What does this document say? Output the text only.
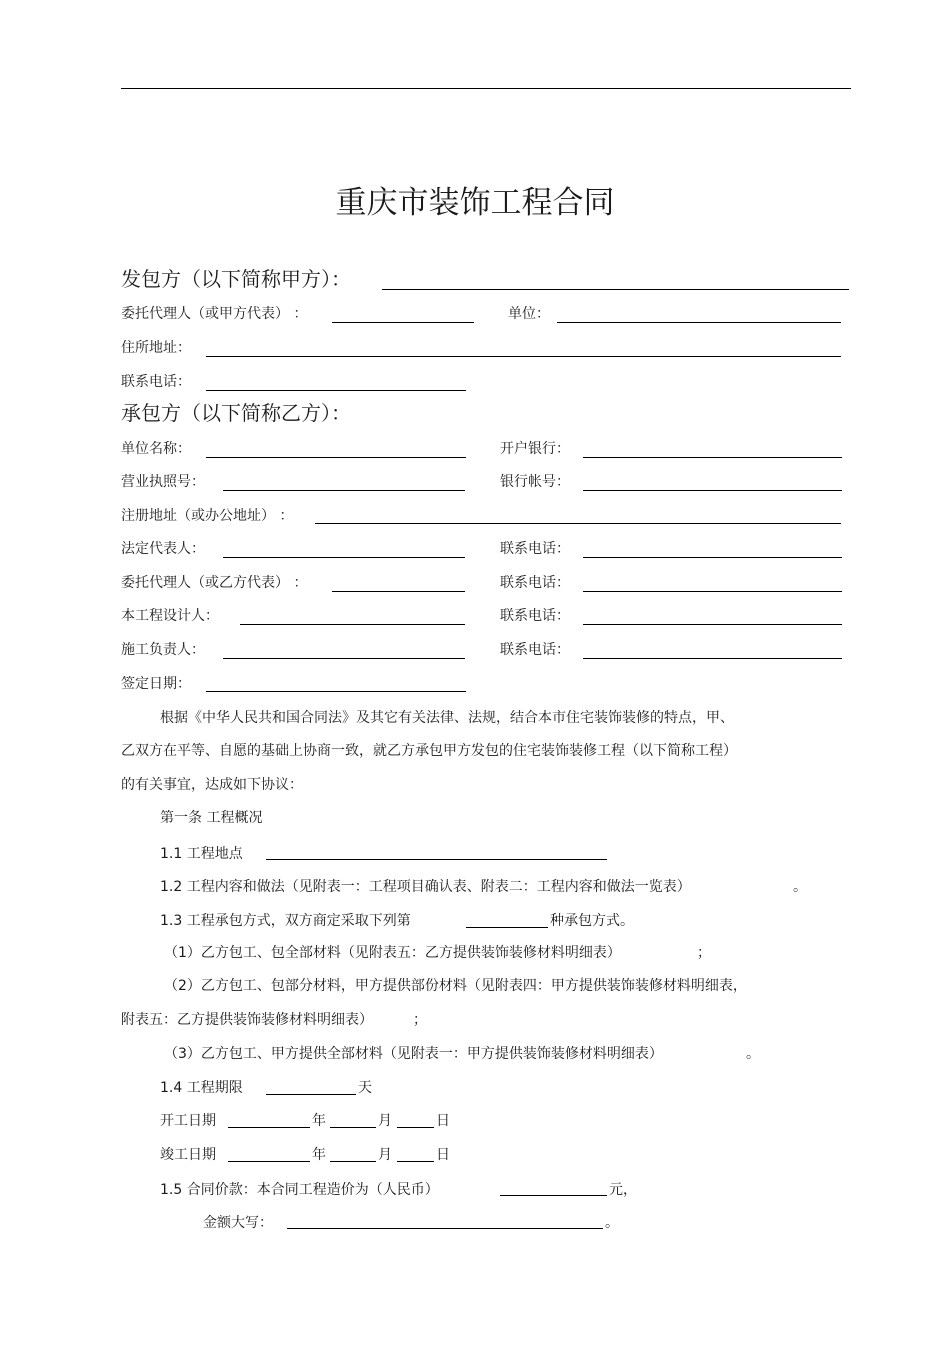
重庆市装饰工程合同
发包方（以下简称甲方）：
委托代理人（或甲方代表） ：	单位：
住所地址：
联系电话：
承包方（以下简称乙方）：
单位名称：	开户银行：
营业执照号：	银行帐号：
注册地址（或办公地址） ：
法定代表人：	联系电话：
委托代理人（或乙方代表） ：	联系电话：
本工程设计人：	联系电话：
施工负责人：	联系电话：
签定日期：
根据《中华人民共和国合同法》及其它有关法律、法规，结合本市住宅装饰装修的特点，甲、
乙双方在平等、自愿的基础上协商一致，就乙方承包甲方发包的住宅装饰装修工程（以下简称工程）
的有关事宜，达成如下协议：
第一条 工程概况
1.1 工程地点
1.2 工程内容和做法（见附表一：工程项目确认表、附表二：工程内容和做法一览表）	。
1.3 工程承包方式，双方商定采取下列第	种承包方式。
（1）乙方包工、包全部材料（见附表五：乙方提供装饰装修材料明细表）	；
（2）乙方包工、包部分材料，甲方提供部份材料（见附表四：甲方提供装饰装修材料明细表，
附表五：乙方提供装饰装修材料明细表）	；
（3）乙方包工、甲方提供全部材料（见附表一：甲方提供装饰装修材料明细表）	。
1.4 工程期限	天
开工日期	年	月	日
竣工日期	年	月	日
1.5 合同价款：本合同工程造价为（人民币）	元，
金额大写：	。
